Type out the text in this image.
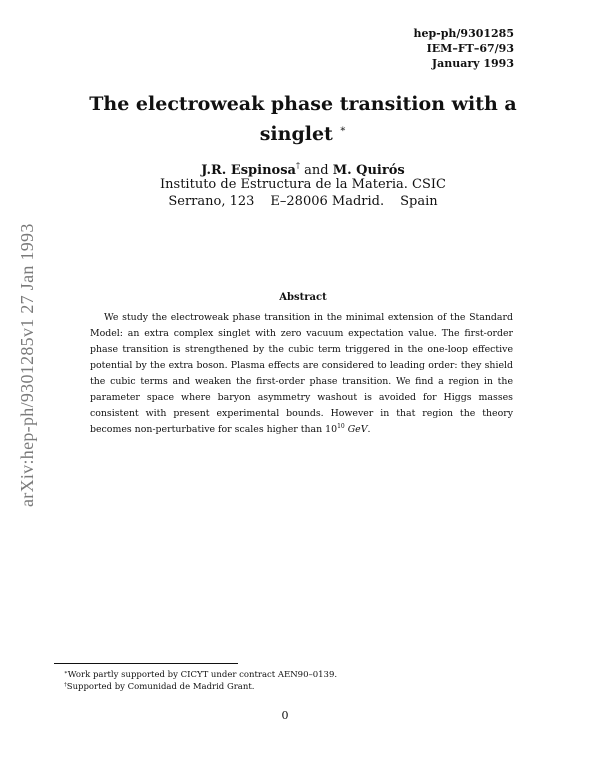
hep-ph/9301285
IEM–FT–67/93
January 1993
The electroweak phase transition with a singlet ∗
J.R. Espinosa† and M. Quirós
Instituto de Estructura de la Materia. CSIC
Serrano, 123 E–28006 Madrid. Spain
arXiv:hep-ph/9301285v1 27 Jan 1993	Abstract

We study the electroweak phase transition in the minimal extension of the Standard Model: an extra complex singlet with zero vacuum expectation value. The first-order phase transition is strengthened by the cubic term triggered in the one-loop effective potential by the extra boson. Plasma effects are considered to leading order: they shield the cubic terms and weaken the first-order phase transition. We find a region in the parameter space where baryon asymmetry washout is avoided for Higgs masses consistent with present experimental bounds. However in that region the theory becomes non-perturbative for scales higher than $10^{10}$ GeV.

∗Work partly supported by CICYT under contract AEN90–0139.
†Supported by Comunidad de Madrid Grant.
0
